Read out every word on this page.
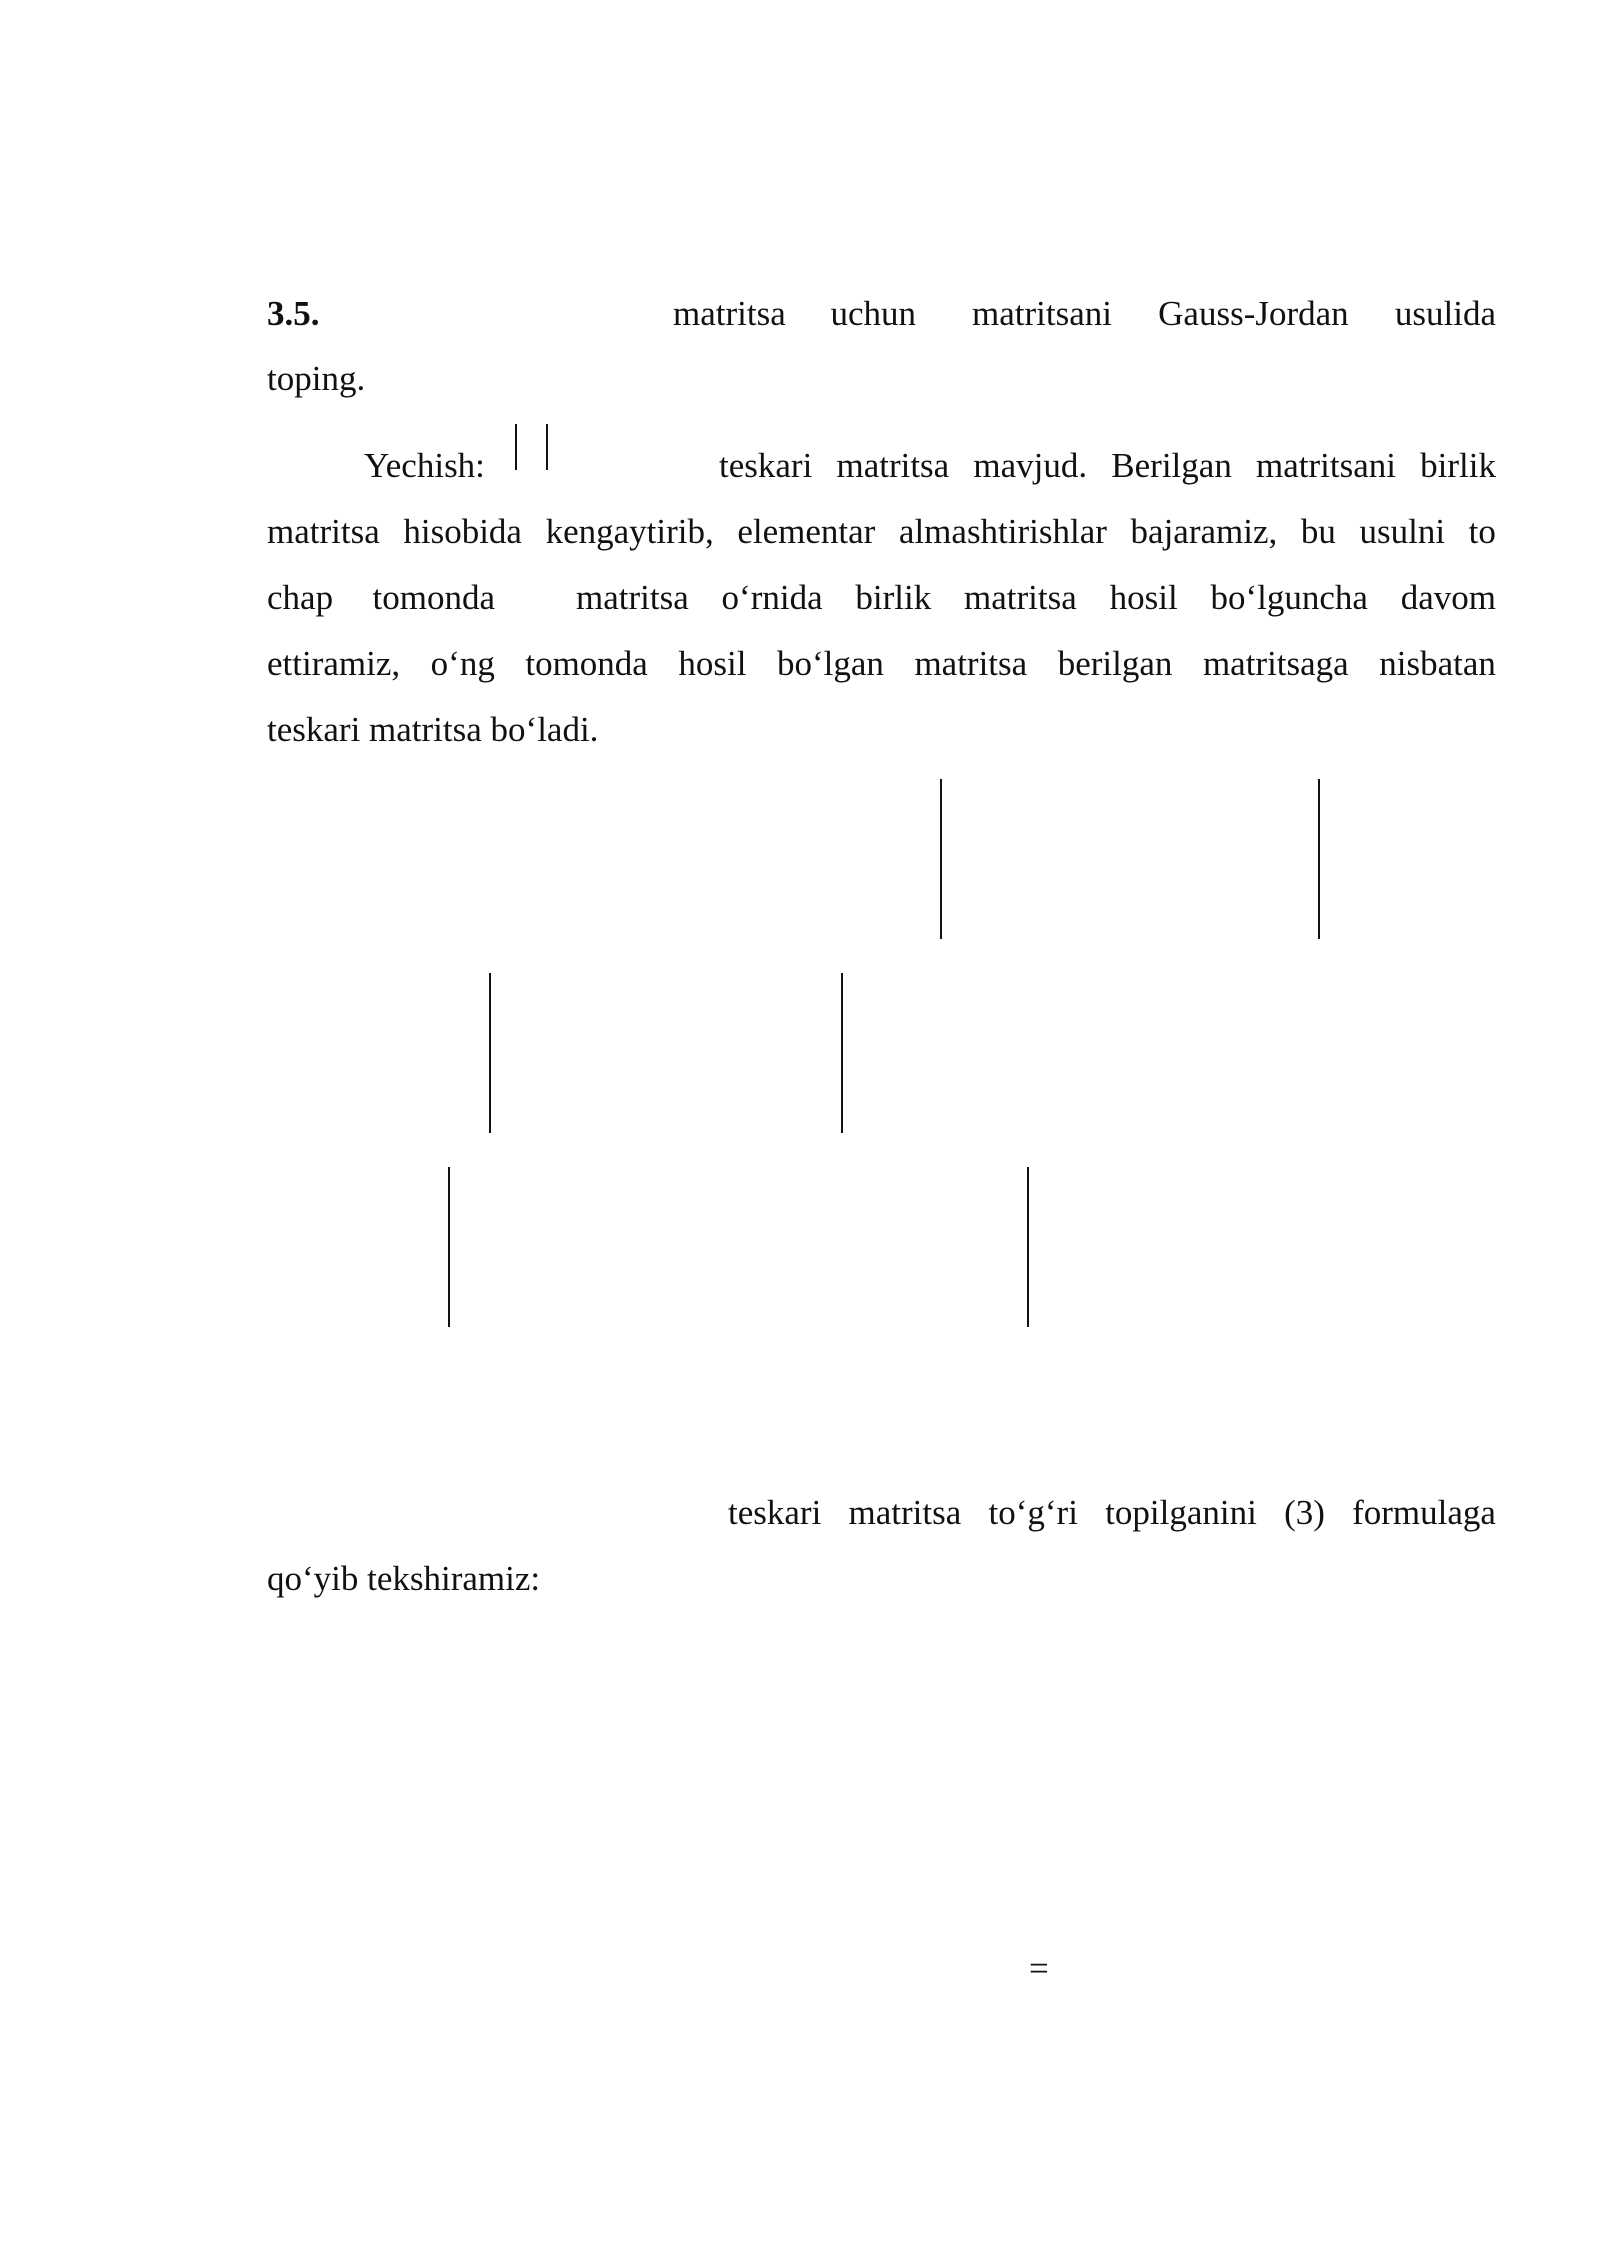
3.5.	matritsa uchun matritsani Gauss-Jordan usulida
toping.
Yechish:	teskari matritsa mavjud. Berilgan matritsani birlik
matritsa hisobida kengaytirib, elementar almashtirishlar bajaramiz, bu usulni to
chap tomonda matritsa o‘rnida birlik matritsa hosil bo‘lguncha davom
ettiramiz, o‘ng tomonda hosil bo‘lgan matritsa berilgan matritsaga nisbatan
teskari matritsa bo‘ladi.
teskari matritsa to‘g‘ri topilganini (3) formulaga
qo‘yib tekshiramiz:
=
